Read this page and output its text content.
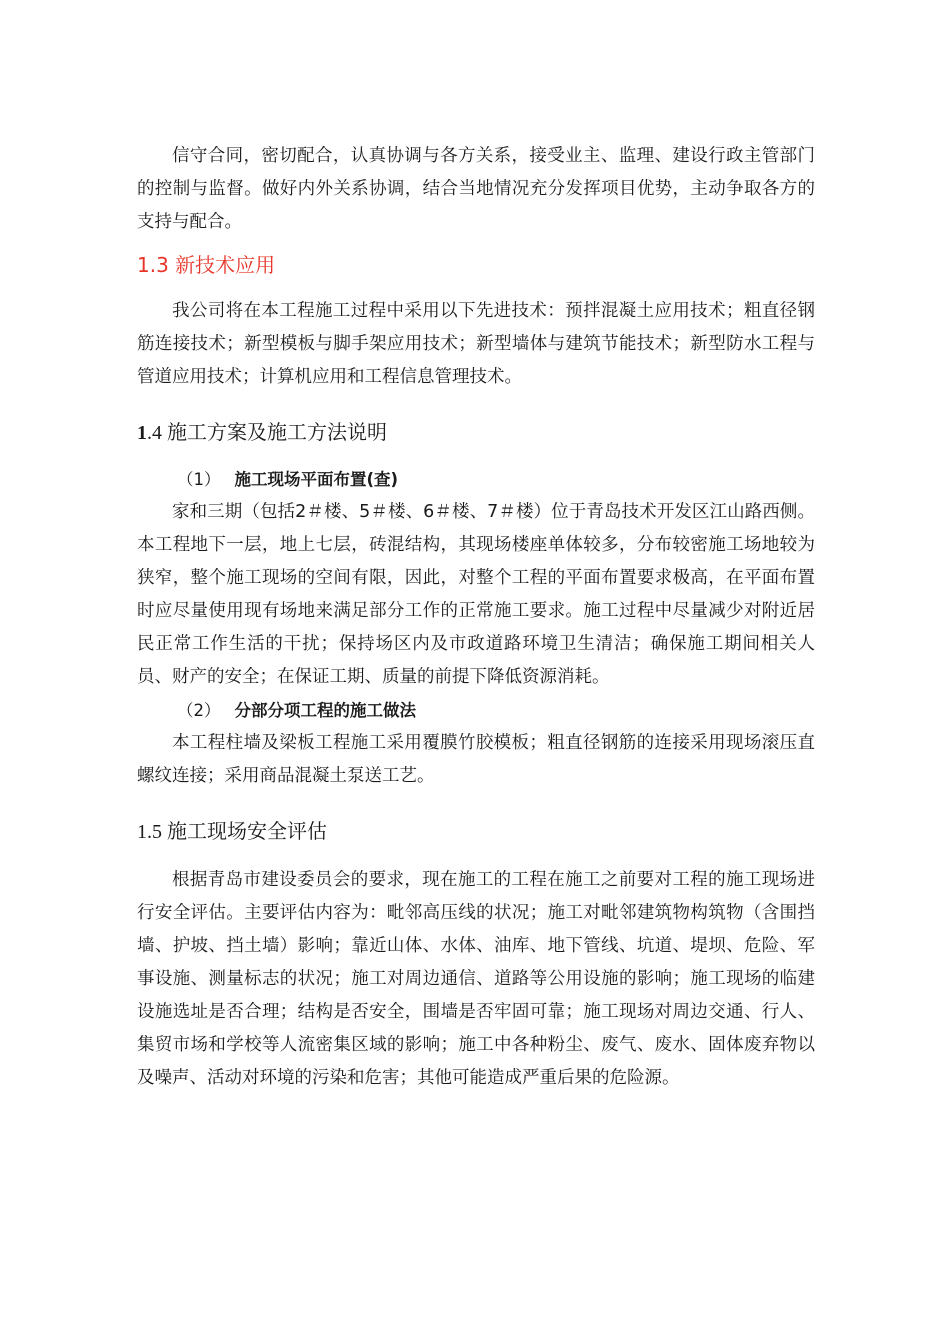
信守合同，密切配合，认真协调与各方关系，接受业主、监理、建设行政主管部门的控制与监督。做好内外关系协调，结合当地情况充分发挥项目优势，主动争取各方的支持与配合。

1.3 新技术应用

我公司将在本工程施工过程中采用以下先进技术：预拌混凝土应用技术；粗直径钢筋连接技术；新型模板与脚手架应用技术；新型墙体与建筑节能技术；新型防水工程与管道应用技术；计算机应用和工程信息管理技术。

1.4 施工方案及施工方法说明
（1） 施工现场平面布置(查)

家和三期（包括2＃楼、5＃楼、6＃楼、7＃楼）位于青岛技术开发区江山路西侧。本工程地下一层，地上七层，砖混结构，其现场楼座单体较多，分布较密施工场地较为狭窄，整个施工现场的空间有限，因此，对整个工程的平面布置要求极高，在平面布置时应尽量使用现有场地来满足部分工作的正常施工要求。施工过程中尽量减少对附近居民正常工作生活的干扰；保持场区内及市政道路环境卫生清洁；确保施工期间相关人员、财产的安全；在保证工期、质量的前提下降低资源消耗。

（2） 分部分项工程的施工做法

本工程柱墙及梁板工程施工采用覆膜竹胶模板；粗直径钢筋的连接采用现场滚压直螺纹连接；采用商品混凝土泵送工艺。

1.5 施工现场安全评估

根据青岛市建设委员会的要求，现在施工的工程在施工之前要对工程的施工现场进行安全评估。主要评估内容为：毗邻高压线的状况；施工对毗邻建筑物构筑物（含围挡墙、护坡、挡土墙）影响；靠近山体、水体、油库、地下管线、坑道、堤坝、危险、军事设施、测量标志的状况；施工对周边通信、道路等公用设施的影响；施工现场的临建设施选址是否合理；结构是否安全，围墙是否牢固可靠；施工现场对周边交通、行人、集贸市场和学校等人流密集区域的影响；施工中各种粉尘、废气、废水、固体废弃物以及噪声、活动对环境的污染和危害；其他可能造成严重后果的危险源。
